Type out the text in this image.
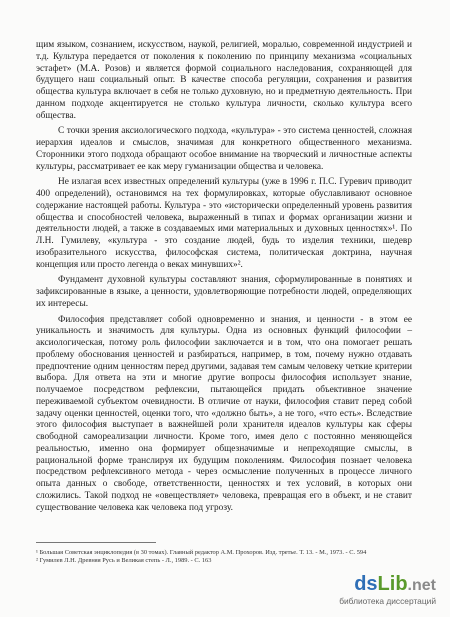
щим языком, сознанием, искусством, наукой, религией, моралью, современной индустрией и т.д. Культура передается от поколения к поколению по принципу механизма «социальных эстафет» (М.А. Розов) и является формой социального наследования, сохраняющей для будущего наш социальный опыт. В качестве способа регуляции, сохранения и развития общества культура включает в себя не только духовную, но и предметную деятельность. При данном подходе акцентируется не столько культура личности, сколько культура всего общества.

С точки зрения аксиологического подхода, «культура» - это система ценностей, сложная иерархия идеалов и смыслов, значимая для конкретного общественного механизма. Сторонники этого подхода обращают особое внимание на творческий и личностные аспекты культуры, рассматривает ее как меру гуманизации общества и человека.

Не излагая всех известных определений культуры (уже в 1996 г. П.С. Гуревич приводит 400 определений), остановимся на тех формулировках, которые обуславливают основное содержание настоящей работы. Культура - это «исторически определенный уровень развития общества и способностей человека, выраженный в типах и формах организации жизни и деятельности людей, а также в создаваемых ими материальных и духовных ценностях»¹. По Л.Н. Гумилеву, «культура - это создание людей, будь то изделия техники, шедевр изобразительного искусства, философская система, политическая доктрина, научная концепция или просто легенда о веках минувших»².

Фундамент духовной культуры составляют знания, сформулированные в понятиях и зафиксированные в языке, а ценности, удовлетворяющие потребности людей, определяющих их интересы.

Философия представляет собой одновременно и знания, и ценности - в этом ее уникальность и значимость для культуры. Одна из основных функций философии – аксиологическая, потому роль философии заключается и в том, что она помогает решать проблему обоснования ценностей и разбираться, например, в том, почему нужно отдавать предпочтение одним ценностям перед другими, задавая тем самым человеку четкие критерии выбора. Для ответа на эти и многие другие вопросы философия использует знание, получаемое посредством рефлексии, пытающейся придать объективное значение переживаемой субъектом очевидности. В отличие от науки, философия ставит перед собой задачу оценки ценностей, оценки того, что «должно быть», а не того, «что есть». Вследствие этого философия выступает в важнейшей роли хранителя идеалов культуры как сферы свободной самореализации личности. Кроме того, имея дело с постоянно меняющейся реальностью, именно она формирует общезначимые и непреходящие смыслы, в рациональной форме транслируя их будущим поколениям. Философия познает человека посредством рефлексивного метода - через осмысление полученных в процессе личного опыта данных о свободе, ответственности, ценностях и тех условий, в которых они сложились. Такой подход не «овеществляет» человека, превращая его в объект, и не ставит существование человека как человека под угрозу.

¹ Большая Советская энциклопедия (в 30 томах). Главный редактор А.М. Прохоров. Изд. третье. Т. 13. - М., 1973. - С. 594

² Гумилев Л.Н. Древняя Русь и Великая степь - Л., 1989. - С. 163

dsLib.net
библиотека диссертаций
